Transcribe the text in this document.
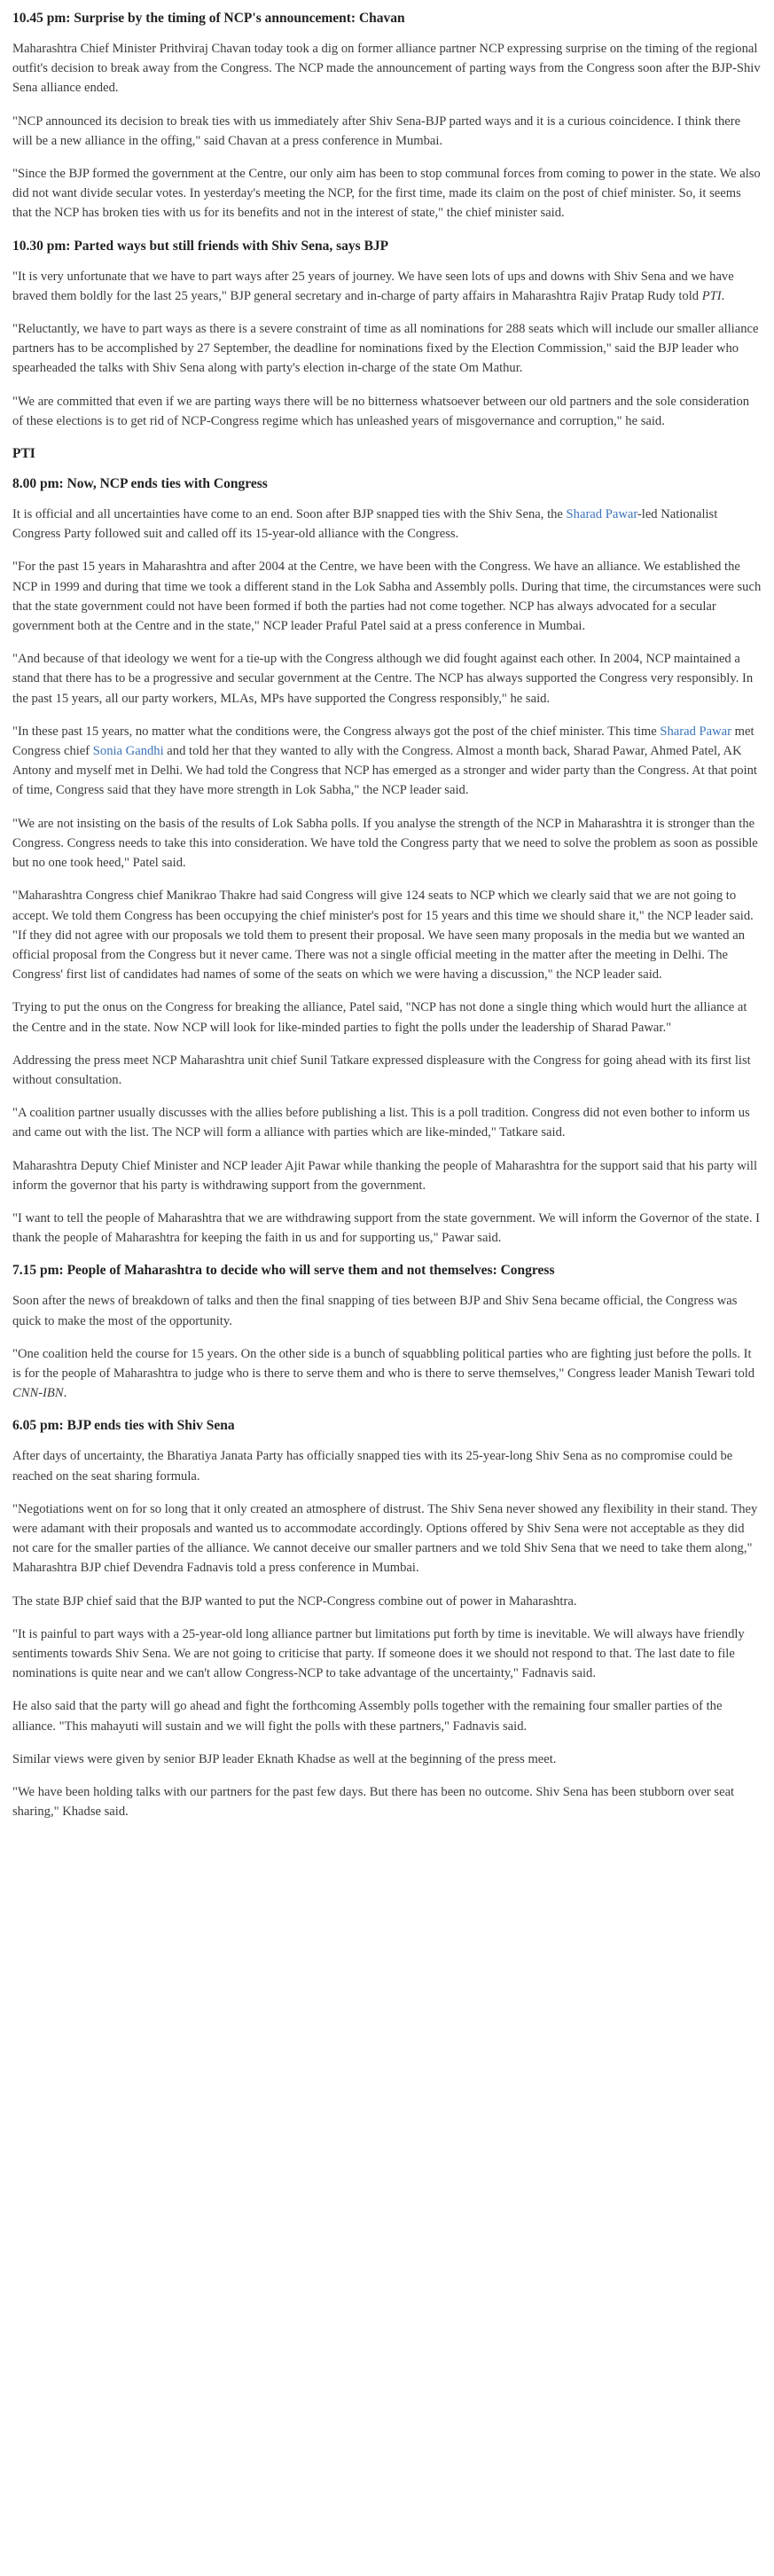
10.45 pm: Surprise by the timing of NCP's announcement: Chavan

Maharashtra Chief Minister Prithviraj Chavan today took a dig on former alliance partner NCP expressing surprise on the timing of the regional outfit's decision to break away from the Congress. The NCP made the announcement of parting ways from the Congress soon after the BJP-Shiv Sena alliance ended.

"NCP announced its decision to break ties with us immediately after Shiv Sena-BJP parted ways and it is a curious coincidence. I think there will be a new alliance in the offing," said Chavan at a press conference in Mumbai.

"Since the BJP formed the government at the Centre, our only aim has been to stop communal forces from coming to power in the state. We also did not want divide secular votes. In yesterday's meeting the NCP, for the first time, made its claim on the post of chief minister. So, it seems that the NCP has broken ties with us for its benefits and not in the interest of state," the chief minister said.

10.30 pm: Parted ways but still friends with Shiv Sena, says BJP

"It is very unfortunate that we have to part ways after 25 years of journey. We have seen lots of ups and downs with Shiv Sena and we have braved them boldly for the last 25 years," BJP general secretary and in-charge of party affairs in Maharashtra Rajiv Pratap Rudy told PTI.

"Reluctantly, we have to part ways as there is a severe constraint of time as all nominations for 288 seats which will include our smaller alliance partners has to be accomplished by 27 September, the deadline for nominations fixed by the Election Commission," said the BJP leader who spearheaded the talks with Shiv Sena along with party's election in-charge of the state Om Mathur.

"We are committed that even if we are parting ways there will be no bitterness whatsoever between our old partners and the sole consideration of these elections is to get rid of NCP-Congress regime which has unleashed years of misgovernance and corruption," he said.

PTI
8.00 pm: Now, NCP ends ties with Congress

It is official and all uncertainties have come to an end. Soon after BJP snapped ties with the Shiv Sena, the Sharad Pawar-led Nationalist Congress Party followed suit and called off its 15-year-old alliance with the Congress.

"For the past 15 years in Maharashtra and after 2004 at the Centre, we have been with the Congress. We have an alliance. We established the NCP in 1999 and during that time we took a different stand in the Lok Sabha and Assembly polls. During that time, the circumstances were such that the state government could not have been formed if both the parties had not come together. NCP has always advocated for a secular government both at the Centre and in the state," NCP leader Praful Patel said at a press conference in Mumbai.

"And because of that ideology we went for a tie-up with the Congress although we did fought against each other. In 2004, NCP maintained a stand that there has to be a progressive and secular government at the Centre. The NCP has always supported the Congress very responsibly. In the past 15 years, all our party workers, MLAs, MPs have supported the Congress responsibly," he said.

"In these past 15 years, no matter what the conditions were, the Congress always got the post of the chief minister. This time Sharad Pawar met Congress chief Sonia Gandhi and told her that they wanted to ally with the Congress. Almost a month back, Sharad Pawar, Ahmed Patel, AK Antony and myself met in Delhi. We had told the Congress that NCP has emerged as a stronger and wider party than the Congress. At that point of time, Congress said that they have more strength in Lok Sabha," the NCP leader said.

"We are not insisting on the basis of the results of Lok Sabha polls. If you analyse the strength of the NCP in Maharashtra it is stronger than the Congress. Congress needs to take this into consideration. We have told the Congress party that we need to solve the problem as soon as possible but no one took heed," Patel said.

"Maharashtra Congress chief Manikrao Thakre had said Congress will give 124 seats to NCP which we clearly said that we are not going to accept. We told them Congress has been occupying the chief minister's post for 15 years and this time we should share it," the NCP leader said. "If they did not agree with our proposals we told them to present their proposal. We have seen many proposals in the media but we wanted an official proposal from the Congress but it never came. There was not a single official meeting in the matter after the meeting in Delhi. The Congress' first list of candidates had names of some of the seats on which we were having a discussion," the NCP leader said.

Trying to put the onus on the Congress for breaking the alliance, Patel said, "NCP has not done a single thing which would hurt the alliance at the Centre and in the state. Now NCP will look for like-minded parties to fight the polls under the leadership of Sharad Pawar."

Addressing the press meet NCP Maharashtra unit chief Sunil Tatkare expressed displeasure with the Congress for going ahead with its first list without consultation.

"A coalition partner usually discusses with the allies before publishing a list. This is a poll tradition. Congress did not even bother to inform us and came out with the list. The NCP will form a alliance with parties which are like-minded," Tatkare said.

Maharashtra Deputy Chief Minister and NCP leader Ajit Pawar while thanking the people of Maharashtra for the support said that his party will inform the governor that his party is withdrawing support from the government.

"I want to tell the people of Maharashtra that we are withdrawing support from the state government. We will inform the Governor of the state. I thank the people of Maharashtra for keeping the faith in us and for supporting us," Pawar said.

7.15 pm: People of Maharashtra to decide who will serve them and not themselves: Congress

Soon after the news of breakdown of talks and then the final snapping of ties between BJP and Shiv Sena became official, the Congress was quick to make the most of the opportunity.

"One coalition held the course for 15 years. On the other side is a bunch of squabbling political parties who are fighting just before the polls. It is for the people of Maharashtra to judge who is there to serve them and who is there to serve themselves," Congress leader Manish Tewari told CNN-IBN.

6.05 pm: BJP ends ties with Shiv Sena

After days of uncertainty, the Bharatiya Janata Party has officially snapped ties with its 25-year-long Shiv Sena as no compromise could be reached on the seat sharing formula.

"Negotiations went on for so long that it only created an atmosphere of distrust. The Shiv Sena never showed any flexibility in their stand. They were adamant with their proposals and wanted us to accommodate accordingly. Options offered by Shiv Sena were not acceptable as they did not care for the smaller parties of the alliance. We cannot deceive our smaller partners and we told Shiv Sena that we need to take them along," Maharashtra BJP chief Devendra Fadnavis told a press conference in Mumbai.

The state BJP chief said that the BJP wanted to put the NCP-Congress combine out of power in Maharashtra.

"It is painful to part ways with a 25-year-old long alliance partner but limitations put forth by time is inevitable. We will always have friendly sentiments towards Shiv Sena. We are not going to criticise that party. If someone does it we should not respond to that. The last date to file nominations is quite near and we can't allow Congress-NCP to take advantage of the uncertainty," Fadnavis said.

He also said that the party will go ahead and fight the forthcoming Assembly polls together with the remaining four smaller parties of the alliance. "This mahayuti will sustain and we will fight the polls with these partners," Fadnavis said.

Similar views were given by senior BJP leader Eknath Khadse as well at the beginning of the press meet.

"We have been holding talks with our partners for the past few days. But there has been no outcome. Shiv Sena has been stubborn over seat sharing," Khadse said.
